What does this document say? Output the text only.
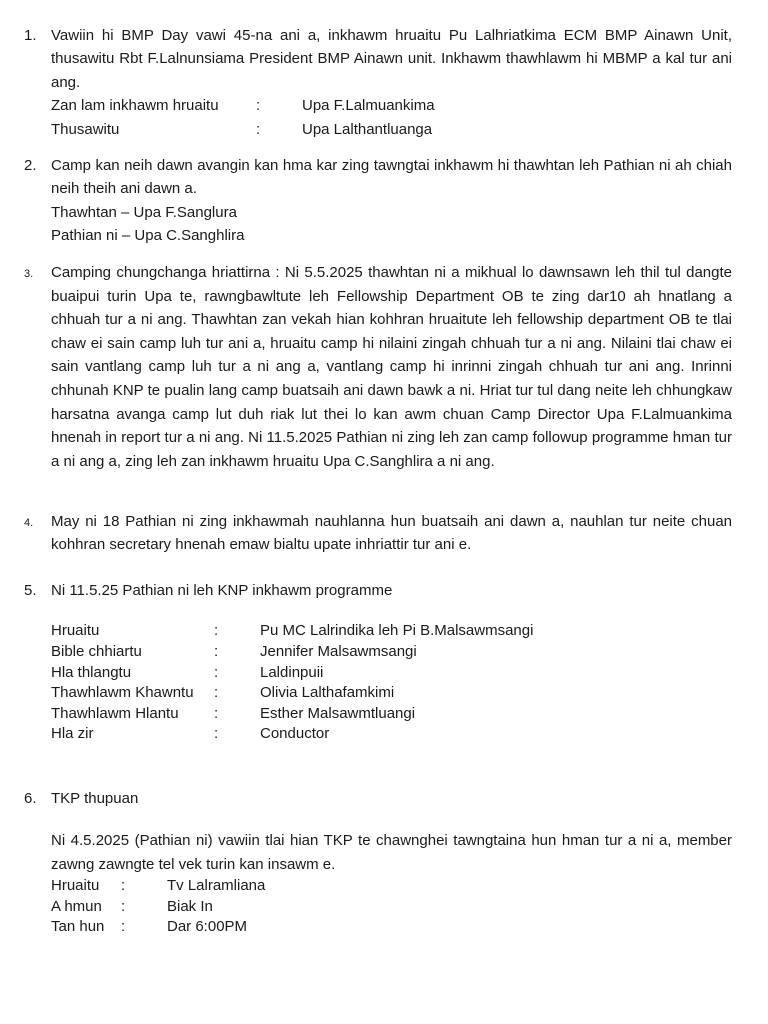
1. Vawiin hi BMP Day vawi 45-na ani a, inkhawm hruaitu Pu Lalhriatkima ECM BMP Ainawn Unit, thusawitu Rbt F.Lalnunsiama President BMP Ainawn unit. Inkhawm thawhlawm hi MBMP a kal tur ani ang.
Zan lam inkhawm hruaitu	:	Upa F.Lalmuankima
Thusawitu	:	Upa Lalthantluanga
2. Camp kan neih dawn avangin kan hma kar zing tawngtai inkhawm hi thawhtan leh Pathian ni ah chiah neih theih ani dawn a.
Thawhtan – Upa F.Sanglura
Pathian ni – Upa C.Sanghlira
3. Camping chungchanga hriattirna : Ni 5.5.2025 thawhtan ni a mikhual lo dawnsawn leh thil tul dangte buaipui turin Upa te, rawngbawltute leh Fellowship Department OB te zing dar10 ah hnatlang a chhuah tur a ni ang. Thawhtan zan vekah hian kohhran hruaitute leh fellowship department OB te tlai chaw ei sain camp luh tur ani a, hruaitu camp hi nilaini zingah chhuah tur a ni ang. Nilaini tlai chaw ei sain vantlang camp luh tur a ni ang a, vantlang camp hi inrinni zingah chhuah tur ani ang. Inrinni chhunah KNP te pualin lang camp buatsaih ani dawn bawk a ni. Hriat tur tul dang neite leh chhungkaw harsatna avanga camp lut duh riak lut thei lo kan awm chuan Camp Director Upa F.Lalmuankima hnenah in report tur a ni ang. Ni 11.5.2025 Pathian ni zing leh zan camp followup programme hman tur a ni ang a, zing leh zan inkhawm hruaitu Upa C.Sanghlira a ni ang.
4. May ni 18 Pathian ni zing inkhawmah nauhlanna hun buatsaih ani dawn a, nauhlan tur neite chuan kohhran secretary hnenah emaw bialtu upate inhriattir tur ani e.
5. Ni 11.5.25 Pathian ni leh KNP inkhawm programme
Hruaitu	:	Pu MC Lalrindika leh Pi B.Malsawmsangi
Bible chhiartu	:	Jennifer Malsawmsangi
Hla thlangtu	:	Laldinpuii
Thawhlawm Khawntu	:	Olivia Lalthafamkimi
Thawhlawm Hlantu	:	Esther Malsawmtluangi
Hla zir	:	Conductor
6. TKP thupuan
Ni 4.5.2025 (Pathian ni) vawiin tlai hian TKP te chawnghei tawngtaina hun hman tur a ni a, member zawng zawngte tel vek turin kan insawm e.
Hruaitu	:	Tv Lalramliana
A hmun	:	Biak In
Tan hun	:	Dar 6:00PM
